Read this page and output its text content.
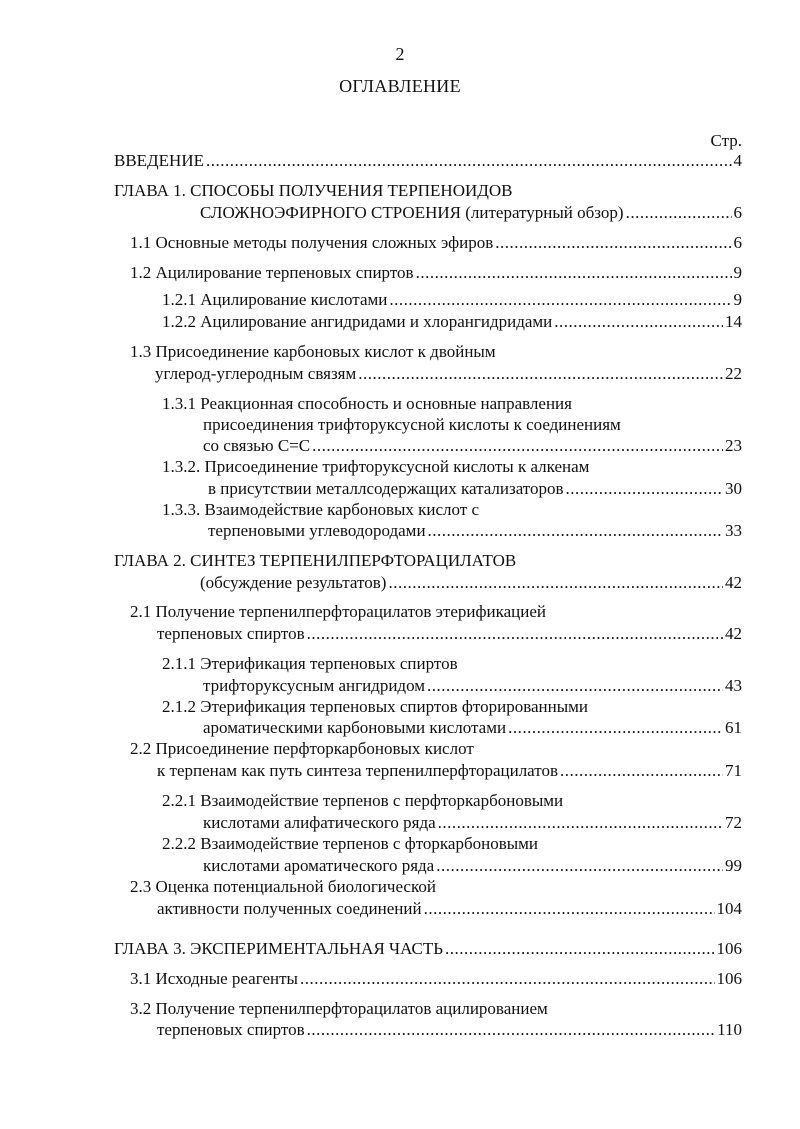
2
ОГЛАВЛЕНИЕ
Стр.
ВВЕДЕНИЕ .....	4
ГЛАВА 1. СПОСОБЫ ПОЛУЧЕНИЯ ТЕРПЕНОИДОВ
СЛОЖНОЭФИРНОГО СТРОЕНИЯ (литературный обзор) .....	6
1.1 Основные методы получения сложных эфиров .....	6
1.2 Ацилирование терпеновых спиртов .....	9
1.2.1 Ацилирование кислотами .....	9
1.2.2 Ацилирование ангидридами и хлорангидридами .....	14
1.3 Присоединение карбоновых кислот к двойным
углерод-углеродным связям .....	22
1.3.1 Реакционная способность и основные направления
присоединения трифторуксусной кислоты к соединениям
со связью C=C .....	23
1.3.2. Присоединение трифторуксусной кислоты к алкенам
в присутствии металлсодержащих катализаторов .....	30
1.3.3. Взаимодействие карбоновых кислот с
терпеновыми углеводородами .....	33
ГЛАВА 2. СИНТЕЗ ТЕРПЕНИЛПЕРФТОРАЦИЛАТОВ
(обсуждение результатов) .....	42
2.1 Получение терпенилперфторацилатов этерификацией
терпеновых спиртов .....	42
2.1.1 Этерификация терпеновых спиртов
трифторуксусным ангидридом .....	43
2.1.2 Этерификация терпеновых спиртов фторированными
ароматическими карбоновыми кислотами .....	61
2.2 Присоединение перфторкарбоновых кислот
к терпенам как путь синтеза терпенилперфторацилатов .....	71
2.2.1 Взаимодействие терпенов с перфторкарбоновыми
кислотами алифатического ряда .....	72
2.2.2 Взаимодействие терпенов с фторкарбоновыми
кислотами ароматического ряда .....	99
2.3 Оценка потенциальной биологической
активности полученных соединений .....	104
ГЛАВА 3. ЭКСПЕРИМЕНТАЛЬНАЯ ЧАСТЬ .....	106
3.1 Исходные реагенты .....	106
3.2 Получение терпенилперфторацилатов ацилированием
терпеновых спиртов .....	110
